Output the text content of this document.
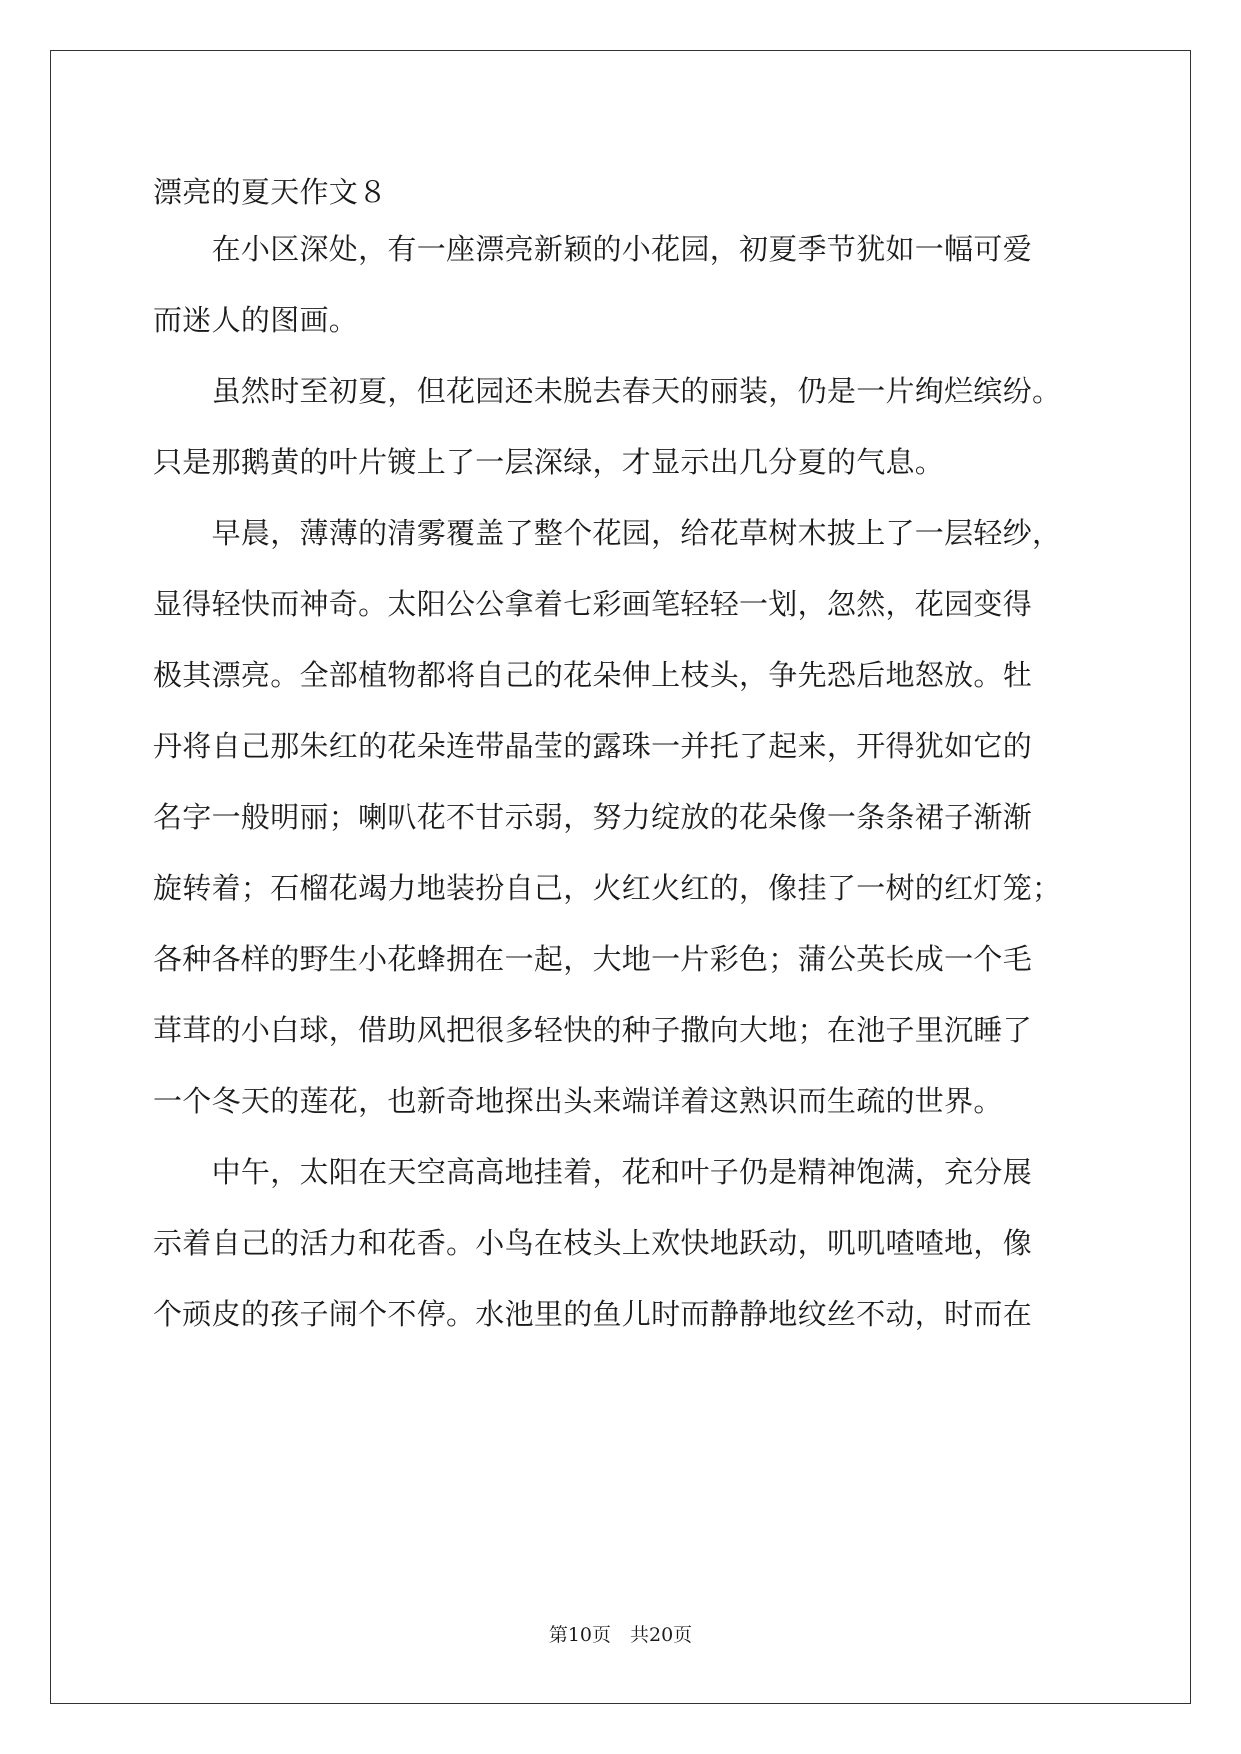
漂亮的夏天作文８
　　在小区深处，有一座漂亮新颖的小花园，初夏季节犹如一幅可爱
而迷人的图画。
　　虽然时至初夏，但花园还未脱去春天的丽装，仍是一片绚烂缤纷。
只是那鹅黄的叶片镀上了一层深绿，才显示出几分夏的气息。
　　早晨，薄薄的清雾覆盖了整个花园，给花草树木披上了一层轻纱，
显得轻快而神奇。太阳公公拿着七彩画笔轻轻一划，忽然，花园变得
极其漂亮。全部植物都将自己的花朵伸上枝头，争先恐后地怒放。牡
丹将自己那朱红的花朵连带晶莹的露珠一并托了起来，开得犹如它的
名字一般明丽；喇叭花不甘示弱，努力绽放的花朵像一条条裙子渐渐
旋转着；石榴花竭力地装扮自己，火红火红的，像挂了一树的红灯笼；
各种各样的野生小花蜂拥在一起，大地一片彩色；蒲公英长成一个毛
茸茸的小白球，借助风把很多轻快的种子撒向大地；在池子里沉睡了
一个冬天的莲花，也新奇地探出头来端详着这熟识而生疏的世界。
　　中午，太阳在天空高高地挂着，花和叶子仍是精神饱满，充分展
示着自己的活力和花香。小鸟在枝头上欢快地跃动，叽叽喳喳地，像
个顽皮的孩子闹个不停。水池里的鱼儿时而静静地纹丝不动，时而在
第10页　共20页
